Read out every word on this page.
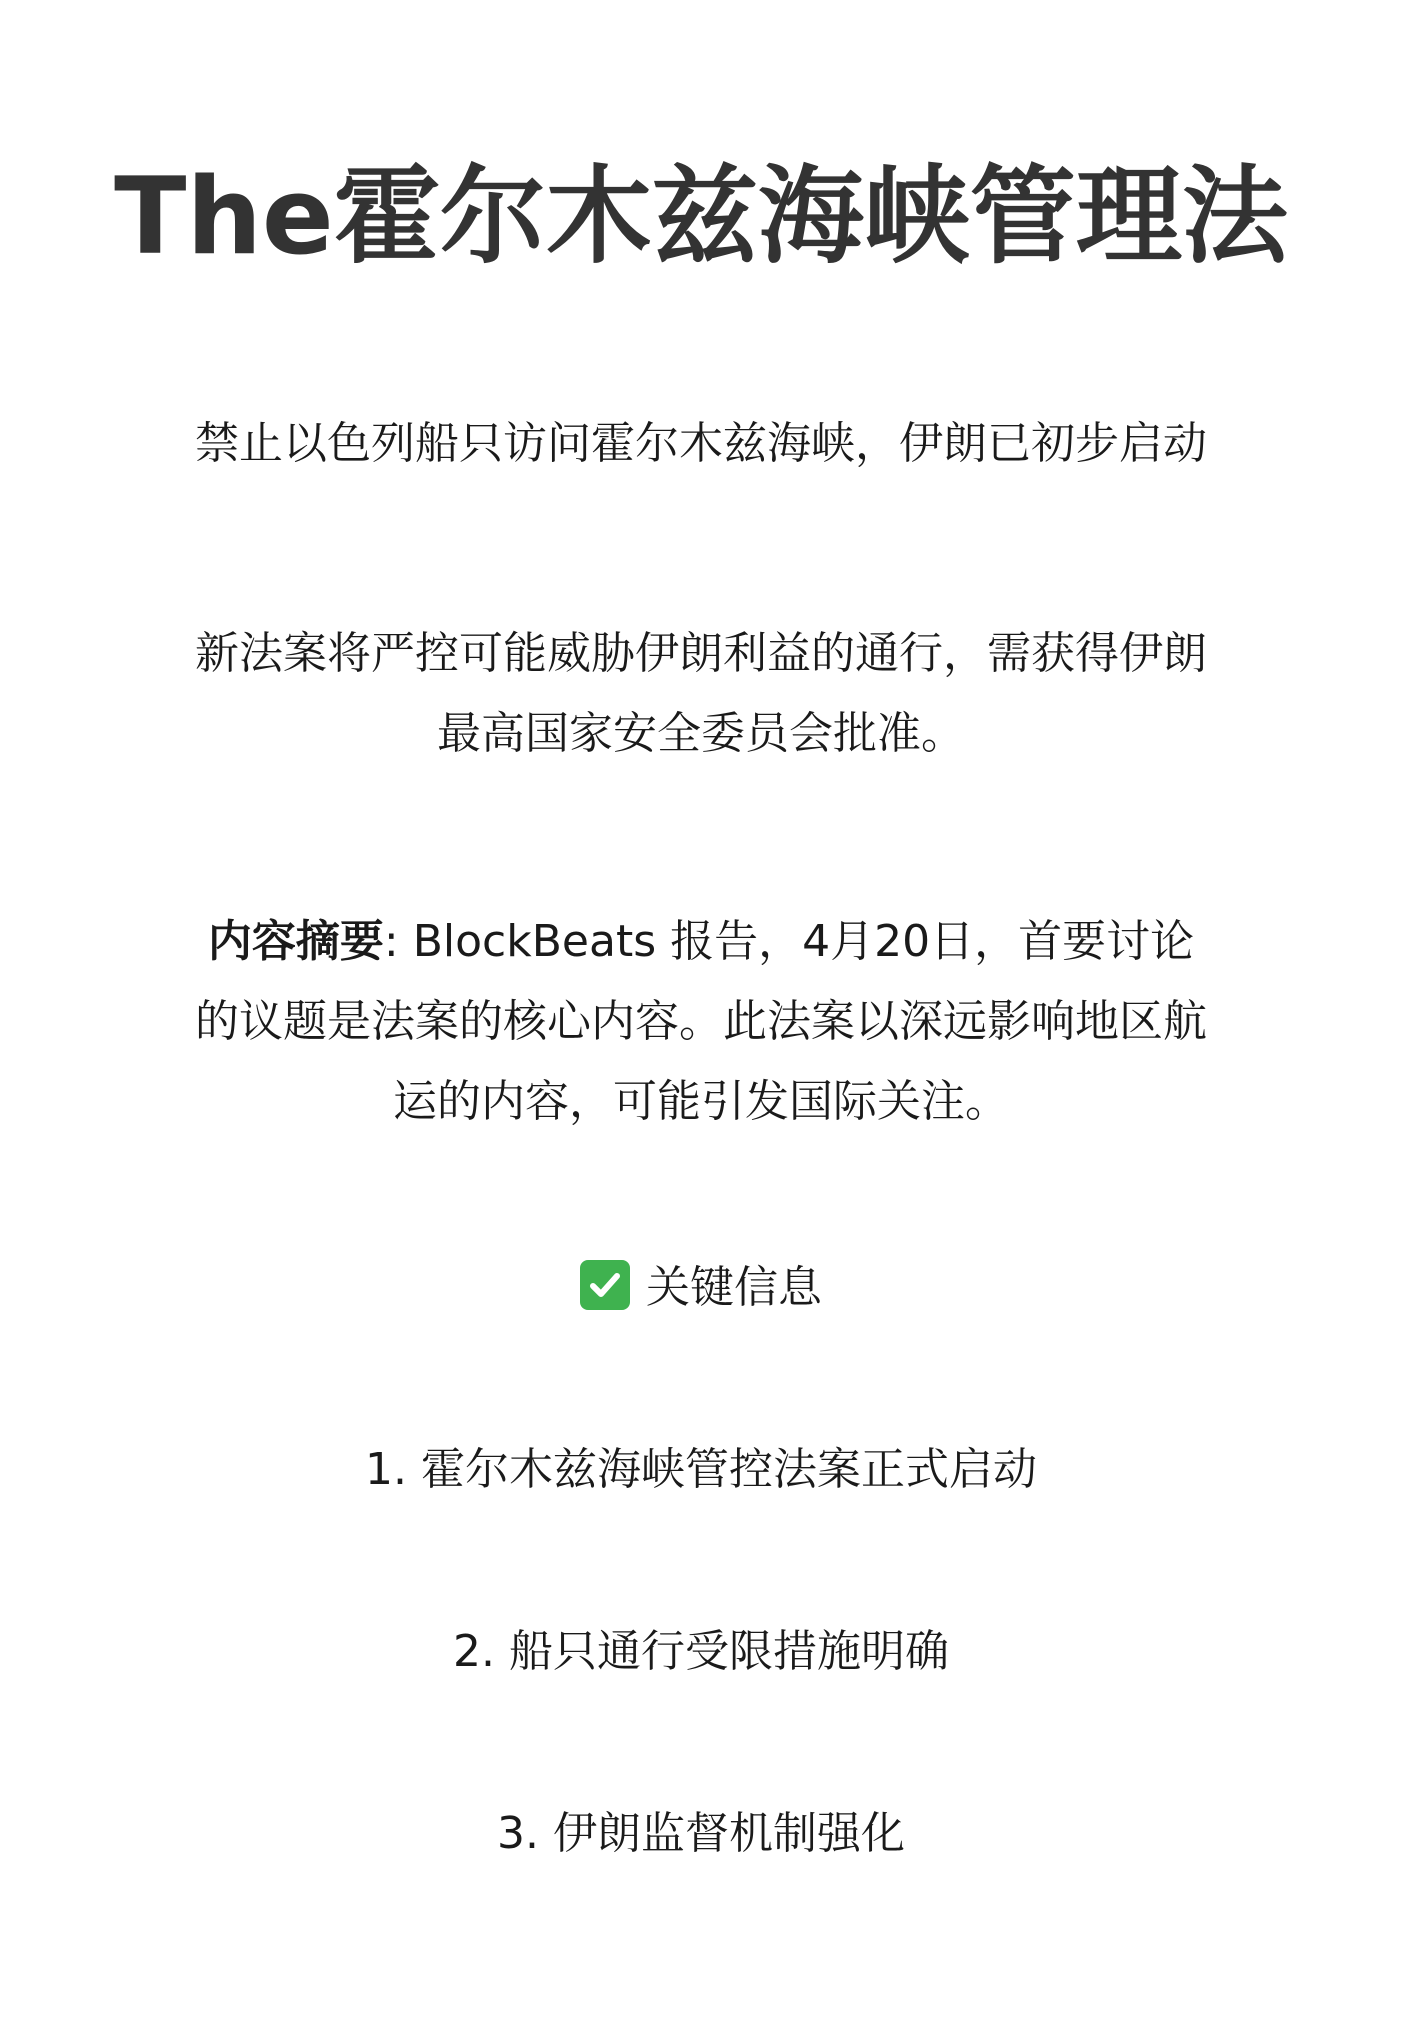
The霍尔木兹海峡管理法

禁止以色列船只访问霍尔木兹海峡，伊朗已初步启动

新法案将严控可能威胁伊朗利益的通行，需获得伊朗最高国家安全委员会批准。

内容摘要: BlockBeats 报告，4月20日，首要讨论的议题是法案的核心内容。此法案以深远影响地区航运的内容，可能引发国际关注。

关键信息
1. 霍尔木兹海峡管控法案正式启动
2. 船只通行受限措施明确
3. 伊朗监督机制强化
